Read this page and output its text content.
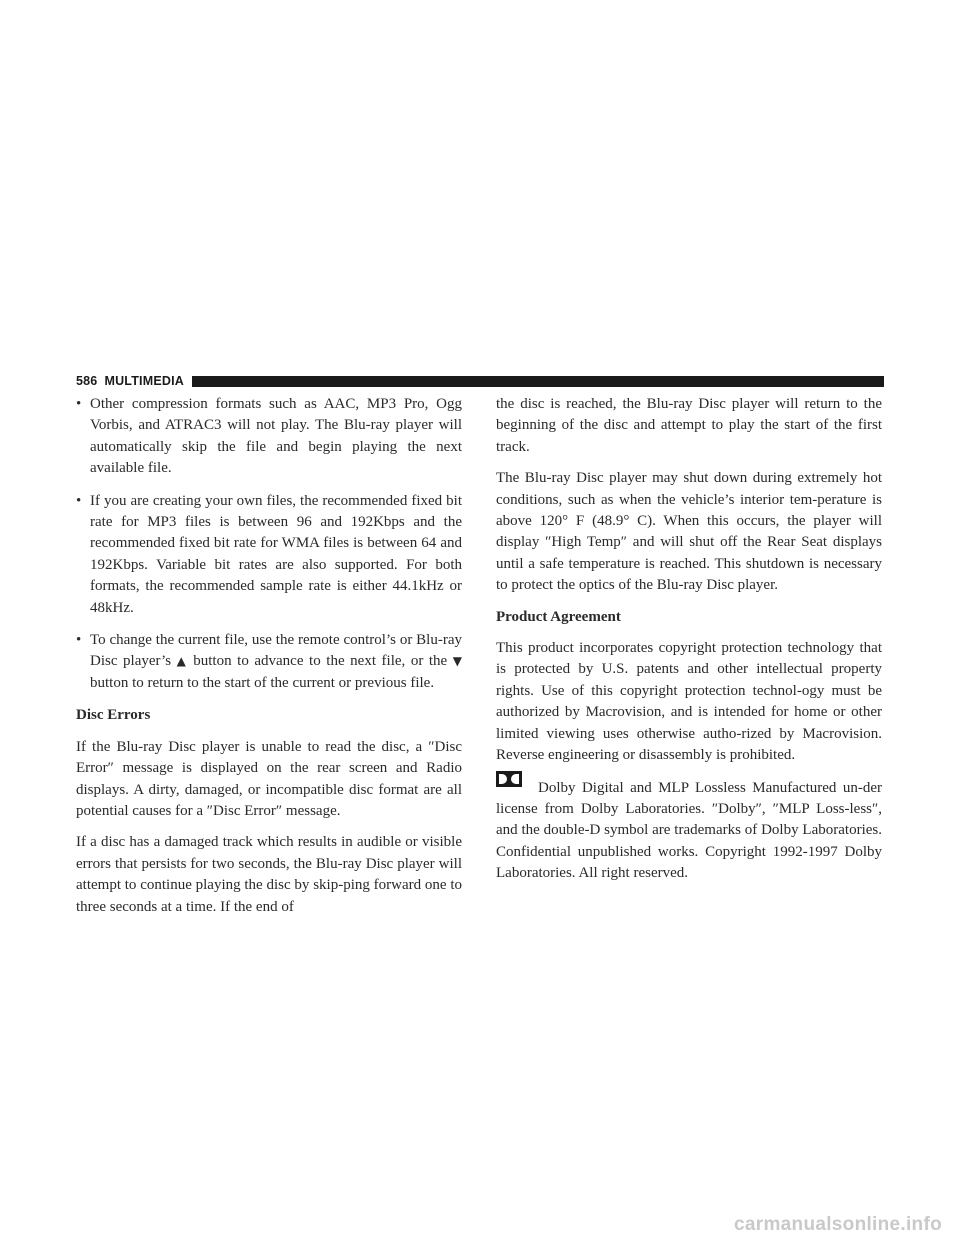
586 MULTIMEDIA
• Other compression formats such as AAC, MP3 Pro, Ogg Vorbis, and ATRAC3 will not play. The Blu-ray player will automatically skip the file and begin playing the next available file.
• If you are creating your own files, the recommended fixed bit rate for MP3 files is between 96 and 192Kbps and the recommended fixed bit rate for WMA files is between 64 and 192Kbps. Variable bit rates are also supported. For both formats, the recommended sample rate is either 44.1kHz or 48kHz.
• To change the current file, use the remote control’s or Blu-ray Disc player’s ▲ button to advance to the next file, or the ▼ button to return to the start of the current or previous file.
Disc Errors

If the Blu-ray Disc player is unable to read the disc, a ″Disc Error″ message is displayed on the rear screen and Radio displays. A dirty, damaged, or incompatible disc format are all potential causes for a ″Disc Error″ message.

If a disc has a damaged track which results in audible or visible errors that persists for two seconds, the Blu-ray Disc player will attempt to continue playing the disc by skip-ping forward one to three seconds at a time. If the end of

the disc is reached, the Blu-ray Disc player will return to the beginning of the disc and attempt to play the start of the first track.

The Blu-ray Disc player may shut down during extremely hot conditions, such as when the vehicle’s interior tem-perature is above 120° F (48.9° C). When this occurs, the player will display ″High Temp″ and will shut off the Rear Seat displays until a safe temperature is reached. This shutdown is necessary to protect the optics of the Blu-ray Disc player.

Product Agreement

This product incorporates copyright protection technology that is protected by U.S. patents and other intellectual property rights. Use of this copyright protection technol-ogy must be authorized by Macrovision, and is intended for home or other limited viewing uses otherwise autho-rized by Macrovision. Reverse engineering or disassembly is prohibited.

Dolby Digital and MLP Lossless Manufactured un-der license from Dolby Laboratories. ″Dolby″, ″MLP Loss-less″, and the double-D symbol are trademarks of Dolby Laboratories. Confidential unpublished works. Copyright 1992-1997 Dolby Laboratories. All right reserved.

carmanualsonline.info
